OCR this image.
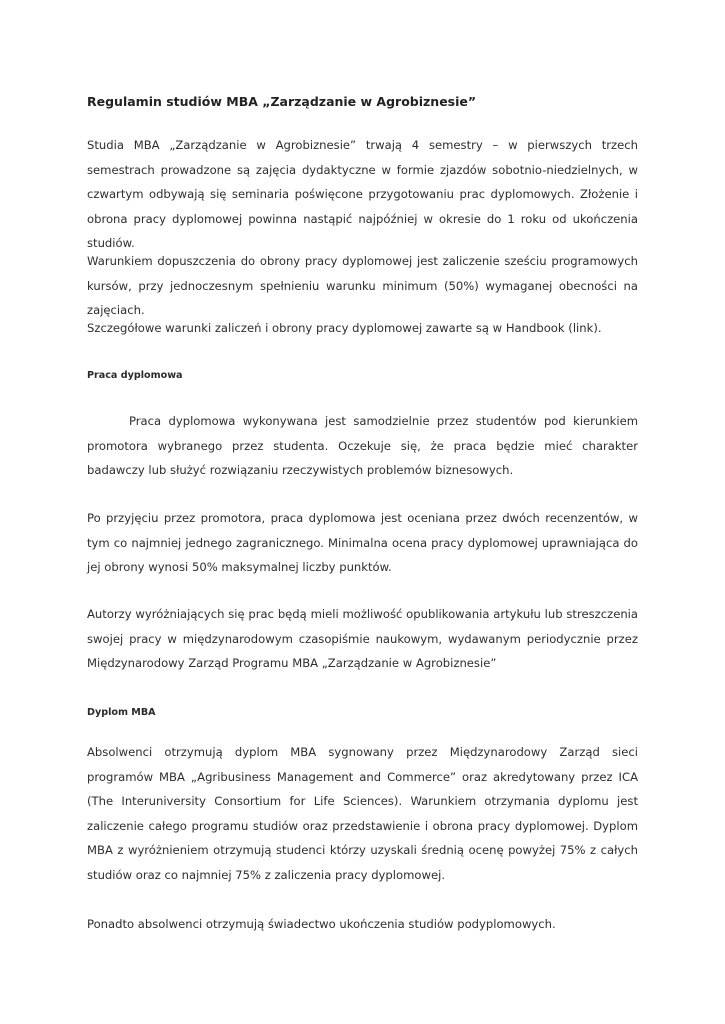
Regulamin studiów MBA „Zarządzanie w Agrobiznesie”

Studia MBA „Zarządzanie w Agrobiznesie” trwają 4 semestry – w pierwszych trzech semestrach prowadzone są zajęcia dydaktyczne w formie zjazdów sobotnio-niedzielnych, w czwartym odbywają się seminaria poświęcone przygotowaniu prac dyplomowych. Złożenie i obrona pracy dyplomowej powinna nastąpić najpóźniej w okresie do 1 roku od ukończenia studiów.

Warunkiem dopuszczenia do obrony pracy dyplomowej jest zaliczenie sześciu programowych kursów, przy jednoczesnym spełnieniu warunku minimum (50%) wymaganej obecności na zajęciach.

Szczegółowe warunki zaliczeń i obrony pracy dyplomowej zawarte są w Handbook (link).

Praca dyplomowa

Praca dyplomowa wykonywana jest samodzielnie przez studentów pod kierunkiem promotora wybranego przez studenta. Oczekuje się, że praca będzie mieć charakter badawczy lub służyć rozwiązaniu rzeczywistych problemów biznesowych.

Po przyjęciu przez promotora, praca dyplomowa jest oceniana przez dwóch recenzentów, w tym co najmniej jednego zagranicznego. Minimalna ocena pracy dyplomowej uprawniająca do jej obrony wynosi 50% maksymalnej liczby punktów.

Autorzy wyróżniających się prac będą mieli możliwość opublikowania artykułu lub streszczenia swojej pracy w międzynarodowym czasopiśmie naukowym, wydawanym periodycznie przez Międzynarodowy Zarząd Programu MBA „Zarządzanie w Agrobiznesie”

Dyplom MBA

Absolwenci otrzymują dyplom MBA sygnowany przez Międzynarodowy Zarząd sieci programów MBA „Agribusiness Management and Commerce” oraz akredytowany przez ICA (The Interuniversity Consortium for Life Sciences). Warunkiem otrzymania dyplomu jest zaliczenie całego programu studiów oraz przedstawienie i obrona pracy dyplomowej. Dyplom MBA z wyróżnieniem otrzymują studenci którzy uzyskali średnią ocenę powyżej 75% z całych studiów oraz co najmniej 75% z zaliczenia pracy dyplomowej.

Ponadto absolwenci otrzymują świadectwo ukończenia studiów podyplomowych.
